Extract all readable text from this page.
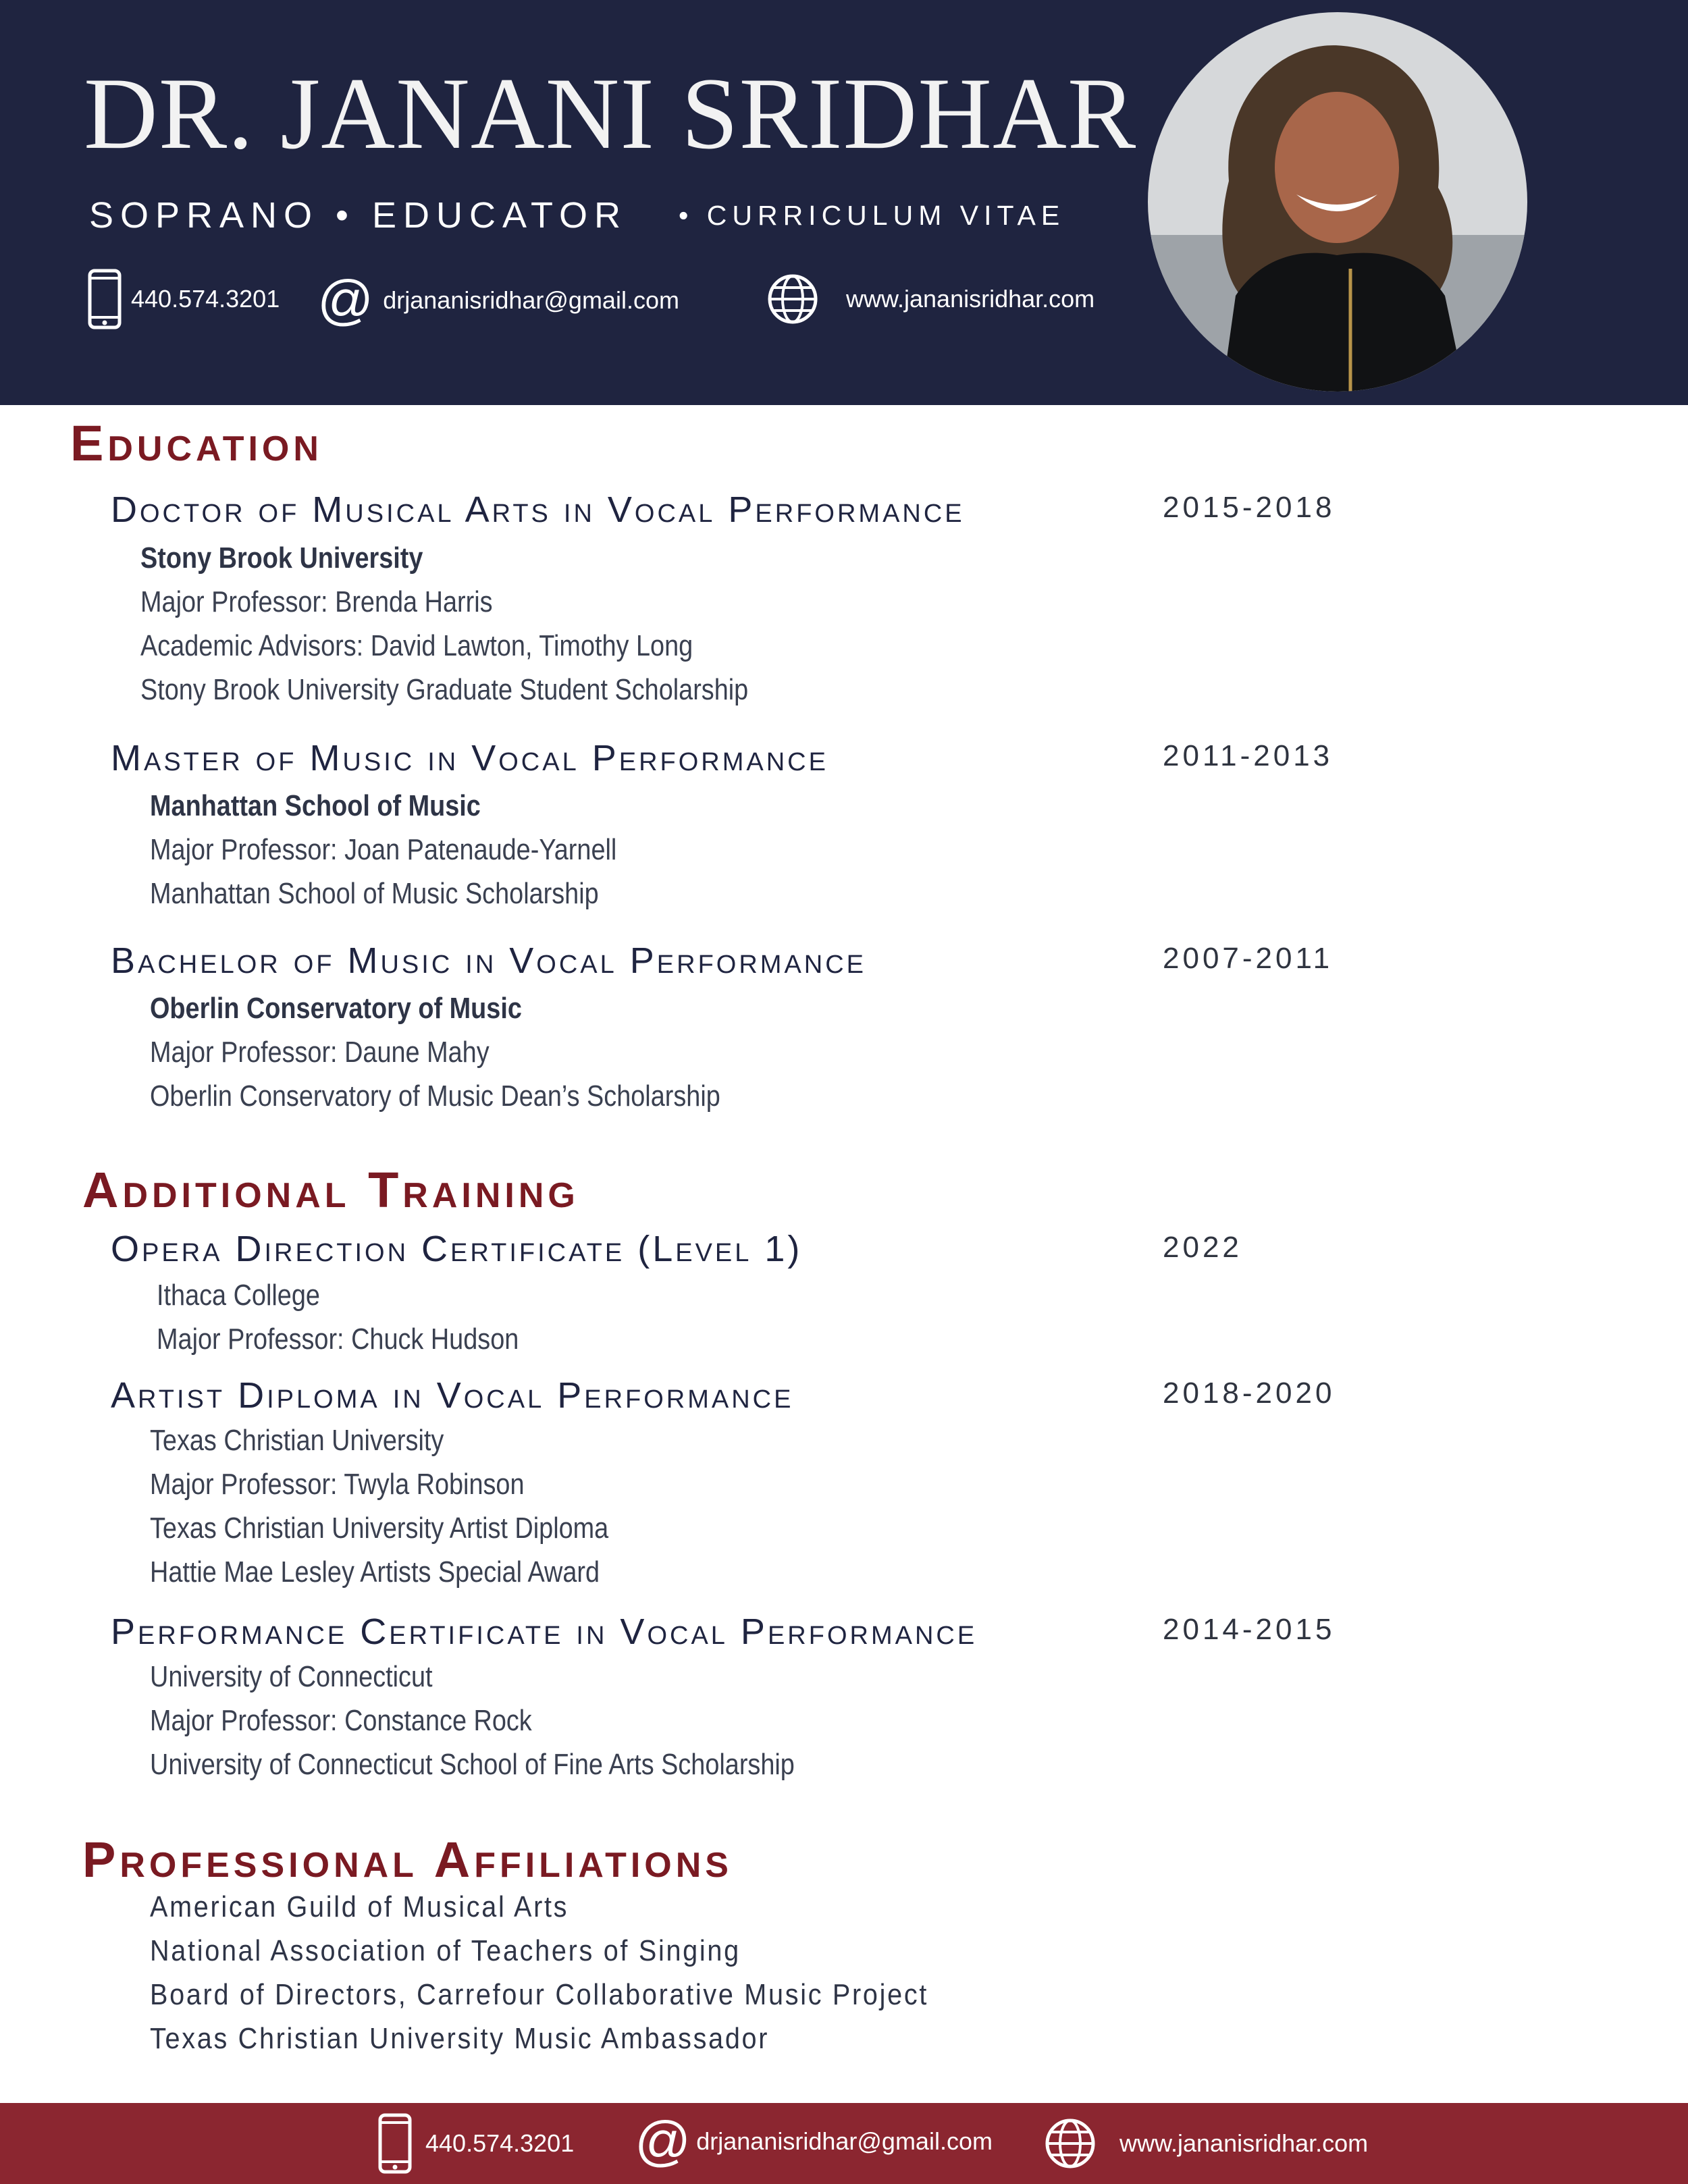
DR. JANANI SRIDHAR
SOPRANO • EDUCATOR • CURRICULUM VITAE
440.574.3201 @ drjananisridhar@gmail.com	www.jananisridhar.com
Education
Doctor of Musical Arts in Vocal Performance	2015-2018
Stony Brook University
Major Professor: Brenda Harris
Academic Advisors: David Lawton, Timothy Long
Stony Brook University Graduate Student Scholarship
Master of Music in Vocal Performance	2011-2013
Manhattan School of Music
Major Professor: Joan Patenaude-Yarnell
Manhattan School of Music Scholarship
Bachelor of Music in Vocal Performance	2007-2011
Oberlin Conservatory of Music
Major Professor: Daune Mahy
Oberlin Conservatory of Music Dean’s Scholarship
Additional Training
Opera Direction Certificate (Level 1)	2022
Ithaca College
Major Professor: Chuck Hudson
Artist Diploma in Vocal Performance	2018-2020
Texas Christian University
Major Professor: Twyla Robinson
Texas Christian University Artist Diploma
Hattie Mae Lesley Artists Special Award
Performance Certificate in Vocal Performance	2014-2015
University of Connecticut
Major Professor: Constance Rock
University of Connecticut School of Fine Arts Scholarship
Professional Affiliations
American Guild of Musical Arts
National Association of Teachers of Singing
Board of Directors, Carrefour Collaborative Music Project
Texas Christian University Music Ambassador
440.574.3201 @ drjananisridhar@gmail.com	www.jananisridhar.com
